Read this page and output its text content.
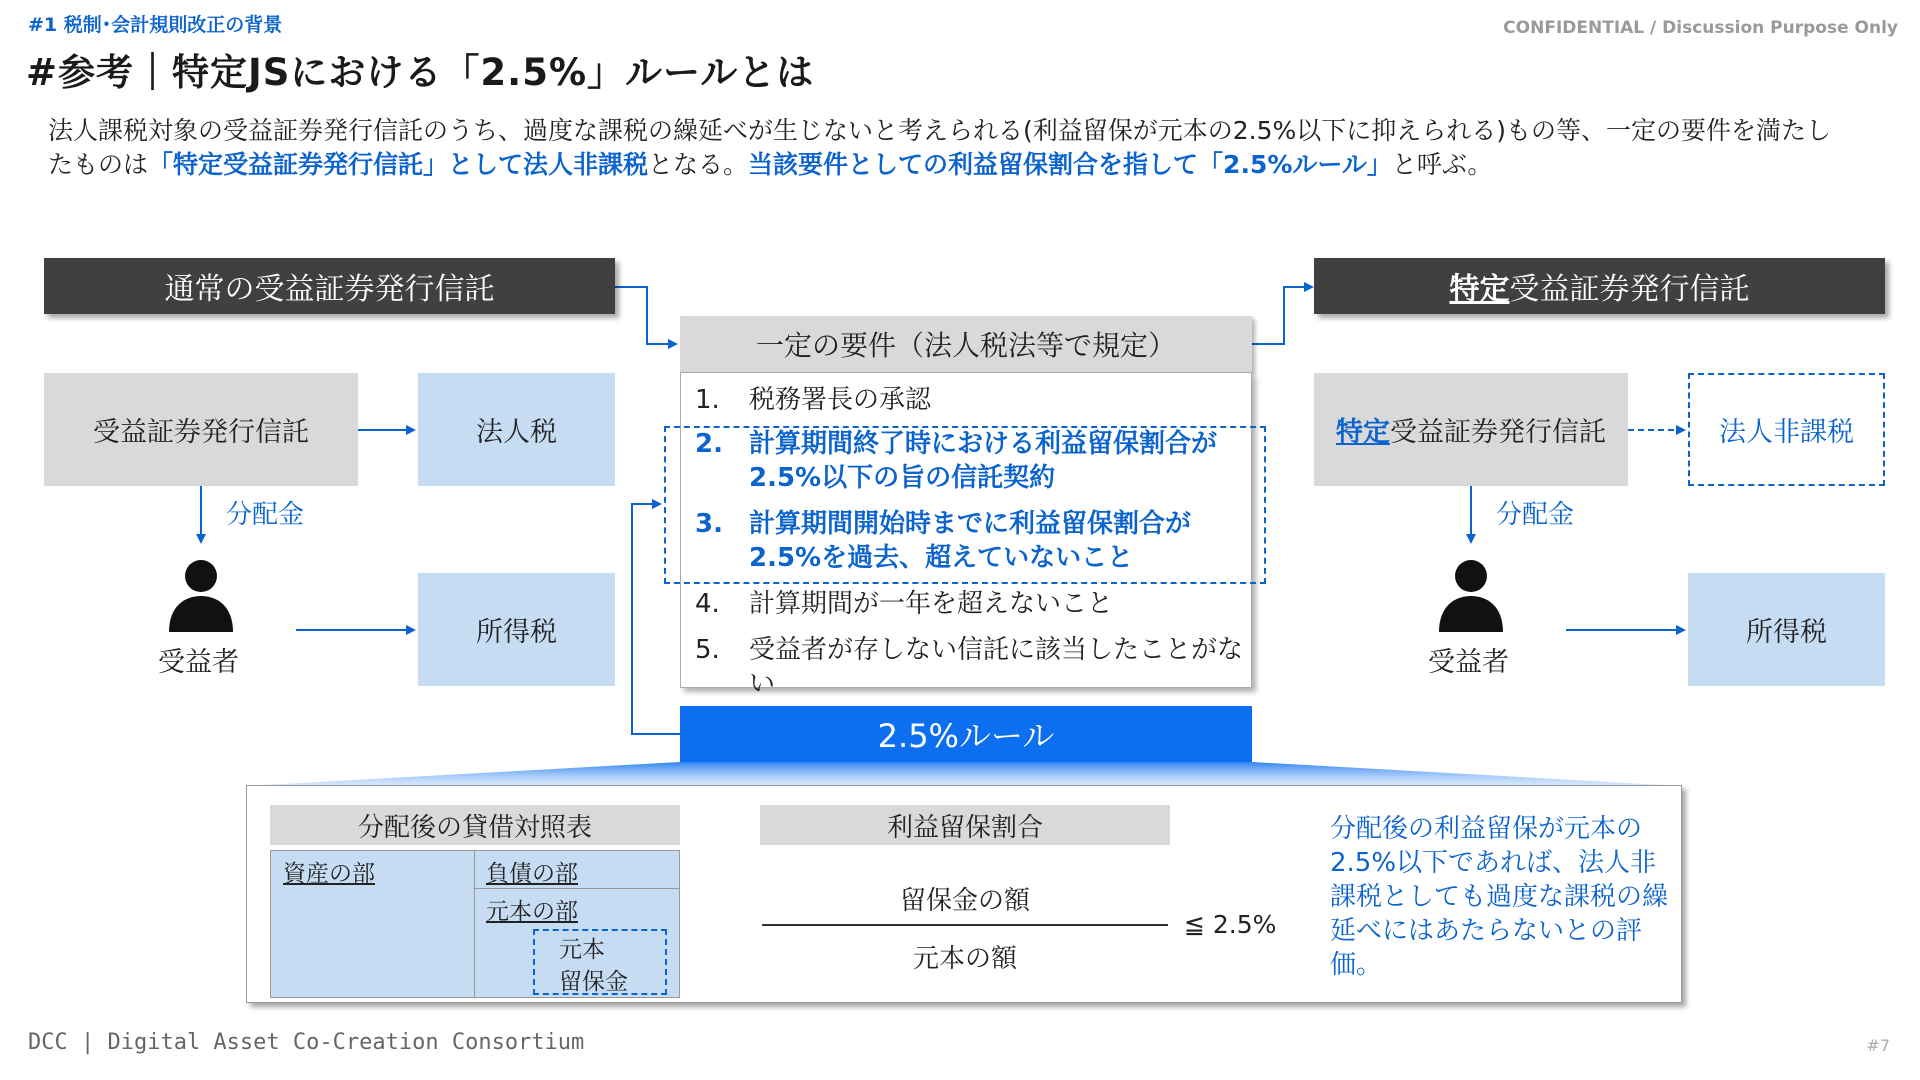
#1 税制･会計規則改正の背景	CONFIDENTIAL / Discussion Purpose Only
#参考｜特定JSにおける「2.5%」ルールとは
法人課税対象の受益証券発行信託のうち、過度な課税の繰延べが生じないと考えられる(利益留保が元本の2.5%以下に抑えられる)もの等、一定の要件を満たし
たものは「特定受益証券発行信託」として法人非課税となる。当該要件としての利益留保割合を指して「2.5%ルール」と呼ぶ。
通常の受益証券発行信託
受益証券発行信託	法人税
分配金
受益者
所得税
特定 受益証券発行信託
特定 受益証券発行信託	法人非課税
分配金
受益者
所得税
一定の要件（法人税法等で規定）
1.	税務署長の承認
2.	計算期間終了時における利益留保割合が
2.5%以下の旨の信託契約
3.	計算期間開始時までに利益留保割合が
2.5%を過去、超えていないこと
4.	計算期間が一年を超えないこと
5.	受益者が存しない信託に該当したことがない
2.5%ルール
分配後の貸借対照表
資産の部	負債の部
元本の部
元本
留保金
利益留保割合
留保金の額
元本の額
≦ 2.5%
分配後の利益留保が元本の2.5%以下であれば、法人非課税としても過度な課税の繰延べにはあたらないとの評価。
DCC | Digital Asset Co-Creation Consortium	#7
